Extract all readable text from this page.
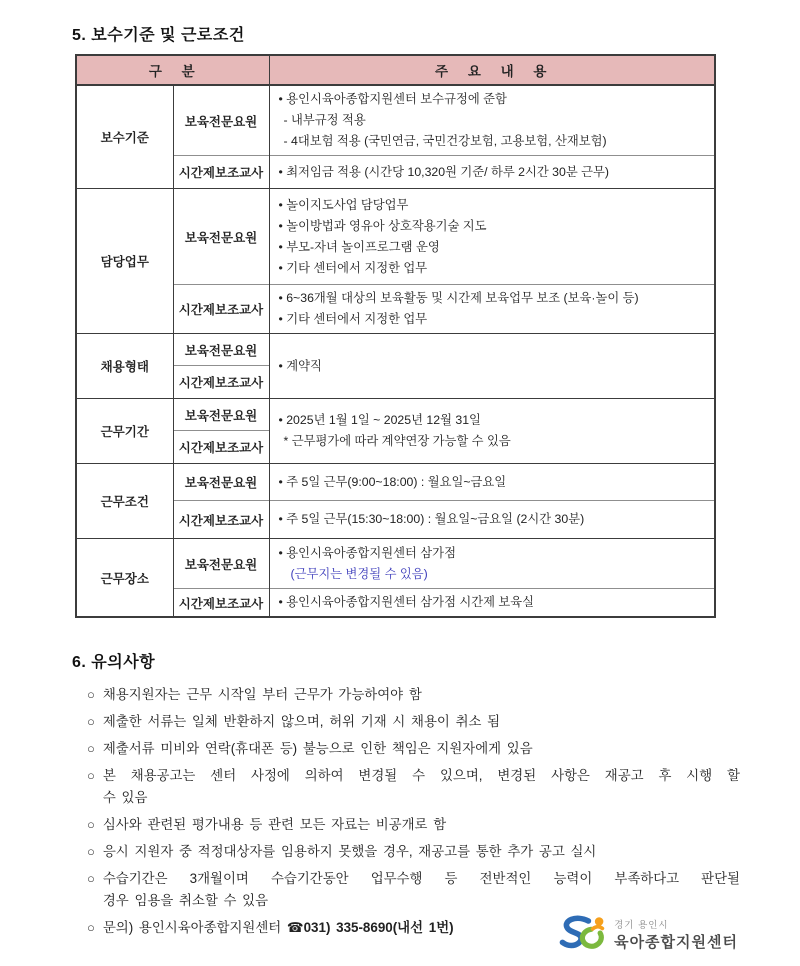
5. 보수기준 및 근로조건
구 분		주 요 내 용
보수기준	보육전문요원	• 용인시육아종합지원센터 보수규정에 준함
- 내부규정 적용
- 4대보험 적용 (국민연금, 국민건강보험, 고용보험, 산재보험)

	시간제보조교사	• 최저임금 적용 (시간당 10,320원 기준/ 하루 2시간 30분 근무)

담당업무	보육전문요원	• 놀이지도사업 담당업무
• 놀이방법과 영유아 상호작용기술 지도
• 부모-자녀 놀이프로그램 운영
• 기타 센터에서 지정한 업무

	시간제보조교사	• 6~36개월 대상의 보육활동 및 시간제 보육업무 보조 (보육·놀이 등)
• 기타 센터에서 지정한 업무

채용형태	보육전문요원	• 계약직

	시간제보조교사	
근무기간	보육전문요원	• 2025년 1월 1일 ~ 2025년 12월 31일
* 근무평가에 따라 계약연장 가능할 수 있음

	시간제보조교사	
근무조건	보육전문요원	• 주 5일 근무(9:00~18:00) : 월요일~금요일

	시간제보조교사	• 주 5일 근무(15:30~18:00) : 월요일~금요일 (2시간 30분)

근무장소	보육전문요원	• 용인시육아종합지원센터 삼가점
(근무지는 변경될 수 있음)

	시간제보조교사	• 용인시육아종합지원센터 삼가점 시간제 보육실
6. 유의사항
○ 채용지원자는 근무 시작일 부터 근무가 가능하여야 함
○ 제출한 서류는 일체 반환하지 않으며, 허위 기재 시 채용이 취소 됨
○ 제출서류 미비와 연락(휴대폰 등) 불능으로 인한 책임은 지원자에게 있음
○ 본 채용공고는 센터 사정에 의하여 변경될 수 있으며, 변경된 사항은 재공고 후 시행 할
수 있음
○ 심사와 관련된 평가내용 등 관련 모든 자료는 비공개로 함
○ 응시 지원자 중 적정대상자를 임용하지 못했을 경우, 재공고를 통한 추가 공고 실시
○ 수습기간은 3개월이며 수습기간동안 업무수행 등 전반적인 능력이 부족하다고 판단될
경우 임용을 취소할 수 있음
○ 문의) 용인시육아종합지원센터 ☎031) 335-8690(내선 1번)	경기 용인시
육아종합지원센터
